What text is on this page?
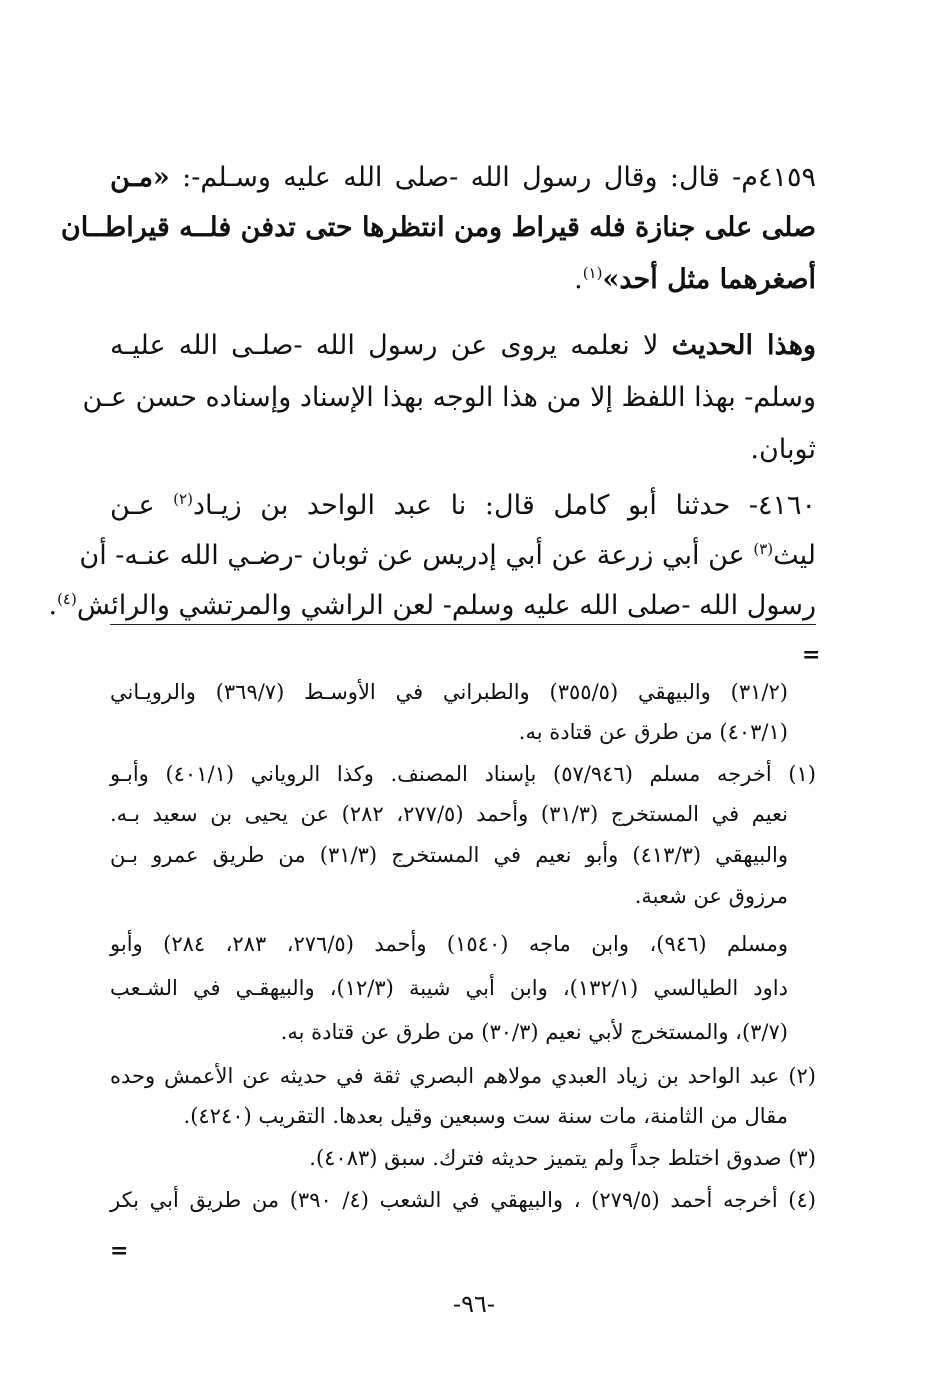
٤١٥٩م- قال: وقال رسول الله -صلى الله عليه وسـلم-: «مـن
صلى على جنازة فله قيراط ومن انتظرها حتى تدفن فلــه قيراطــان
أصغرهما مثل أحد»$^{(١)}$.
وهذا الحديث لا نعلمه يروى عن رسول الله -صلـى الله عليـه
وسلم- بهذا اللفظ إلا من هذا الوجه بهذا الإسناد وإسناده حسن عـن
ثوبان.
٤١٦٠- حدثنا أبو كامل قال: نا عبد الواحد بن زيـاد$^{(٢)}$ عـن
ليث$^{(٣)}$ عن أبي زرعة عن أبي إدريس عن ثوبان -رضـي الله عنـه- أن
رسول الله -صلى الله عليه وسلم- لعن الراشي والمرتشي والرائش$^{(٤)}$.
=
(٣١/٢) والبيهقي (٣٥٥/٥) والطبراني في الأوسـط (٣٦٩/٧) والرويـاني
(٤٠٣/١) من طرق عن قتادة به.
(١) أخرجه مسلم (٥٧/٩٤٦) بإسناد المصنف. وكذا الروياني (٤٠١/١) وأبـو
نعيم في المستخرج (٣١/٣) وأحمد (٢٧٧/٥، ٢٨٢) عن يحيى بن سعيد بـه.
والبيهقي (٤١٣/٣) وأبو نعيم في المستخرج (٣١/٣) من طريق عمرو بـن
مرزوق عن شعبة.
ومسلم (٩٤٦)، وابن ماجه (١٥٤٠) وأحمد (٢٧٦/٥، ٢٨٣، ٢٨٤) وأبو
داود الطيالسي (١٣٢/١)، وابن أبي شيبة (١٢/٣)، والبيهقـي في الشـعب
(٣/٧)، والمستخرج لأبي نعيم (٣٠/٣) من طرق عن قتادة به.
(٢) عبد الواحد بن زياد العبدي مولاهم البصري ثقة في حديثه عن الأعمش وحده
مقال من الثامنة، مات سنة ست وسبعين وقيل بعدها. التقريب (٤٢٤٠).
(٣) صدوق اختلط جداً ولم يتميز حديثه فترك. سبق (٤٠٨٣).
(٤) أخرجه أحمد (٢٧٩/٥) ، والبيهقي في الشعب (٤/ ٣٩٠) من طريق أبي بكر
=
-٩٦-
